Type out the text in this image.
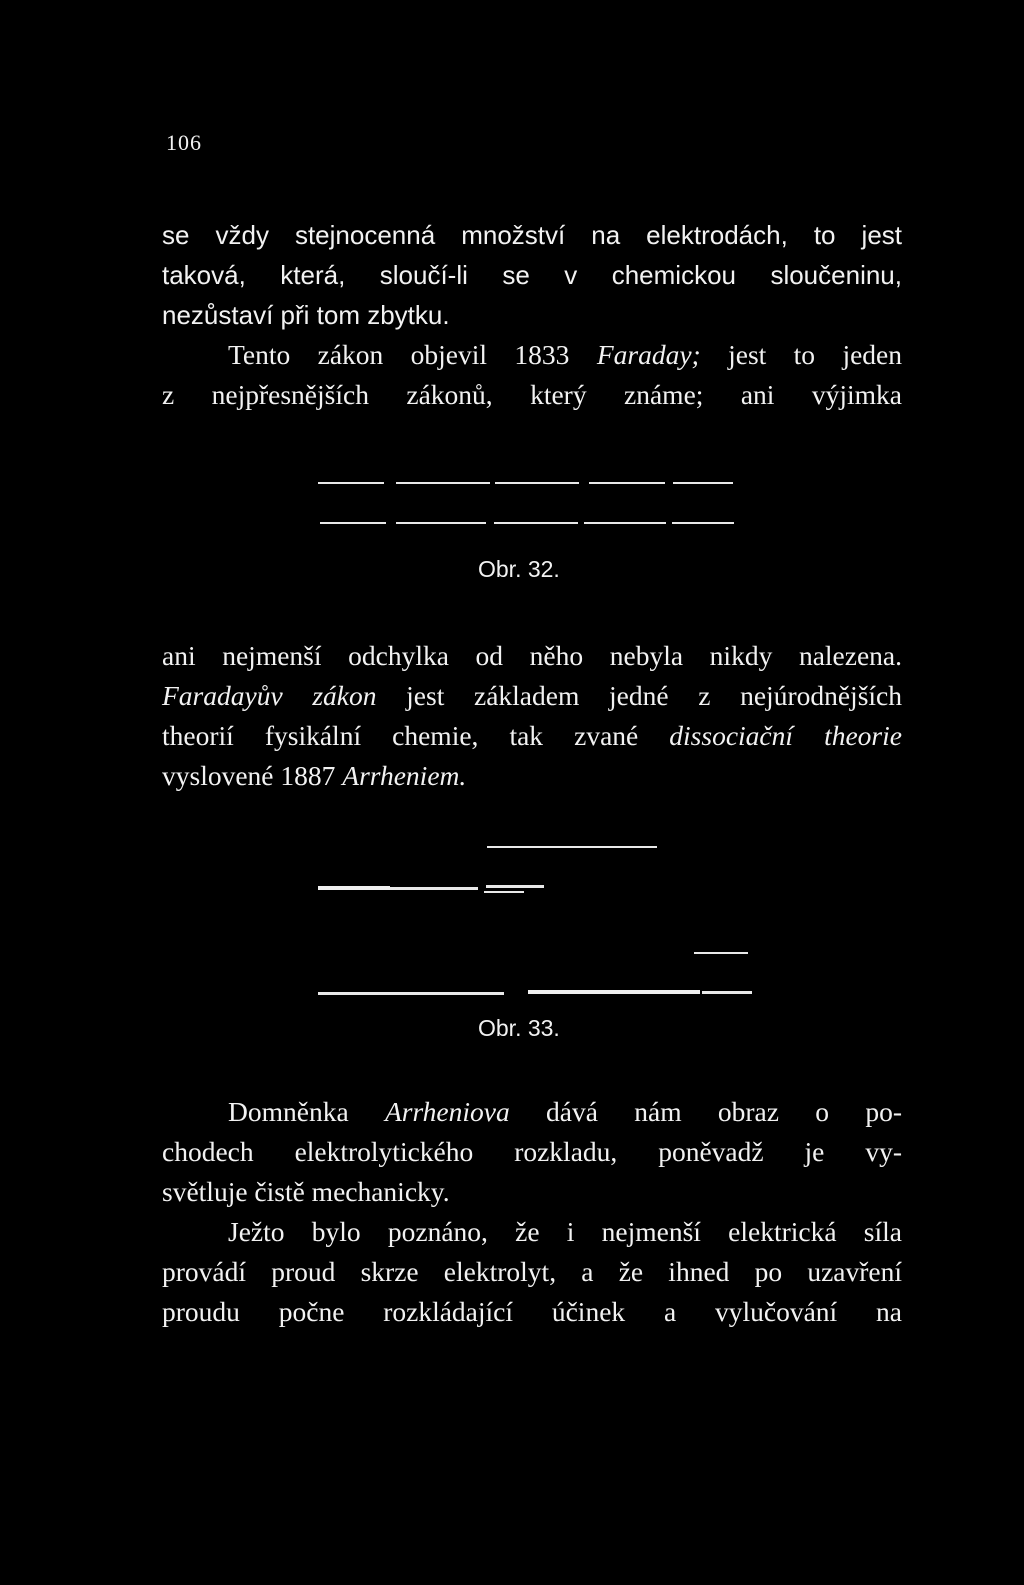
106
se vždy stejnocenná množství na elektrodách, to jest
taková, která, sloučí-li se v chemickou sloučeninu,
nezůstaví při tom zbytku.
Tento zákon objevil 1833 Faraday; jest to jeden
z nejpřesnějších zákonů, který známe; ani výjimka
Obr. 32.
ani nejmenší odchylka od něho nebyla nikdy nalezena.
Faradayův zákon jest základem jedné z nejúrodnějších
theorií fysikální chemie, tak zvané dissociační theorie
vyslovené 1887 Arrheniem.
Obr. 33.
Domněnka Arrheniova dává nám obraz o po-
chodech elektrolytického rozkladu, poněvadž je vy-
světluje čistě mechanicky.
Ježto bylo poznáno, že i nejmenší elektrická síla
provádí proud skrze elektrolyt, a že ihned po uzavření
proudu počne rozkládající účinek a vylučování na
